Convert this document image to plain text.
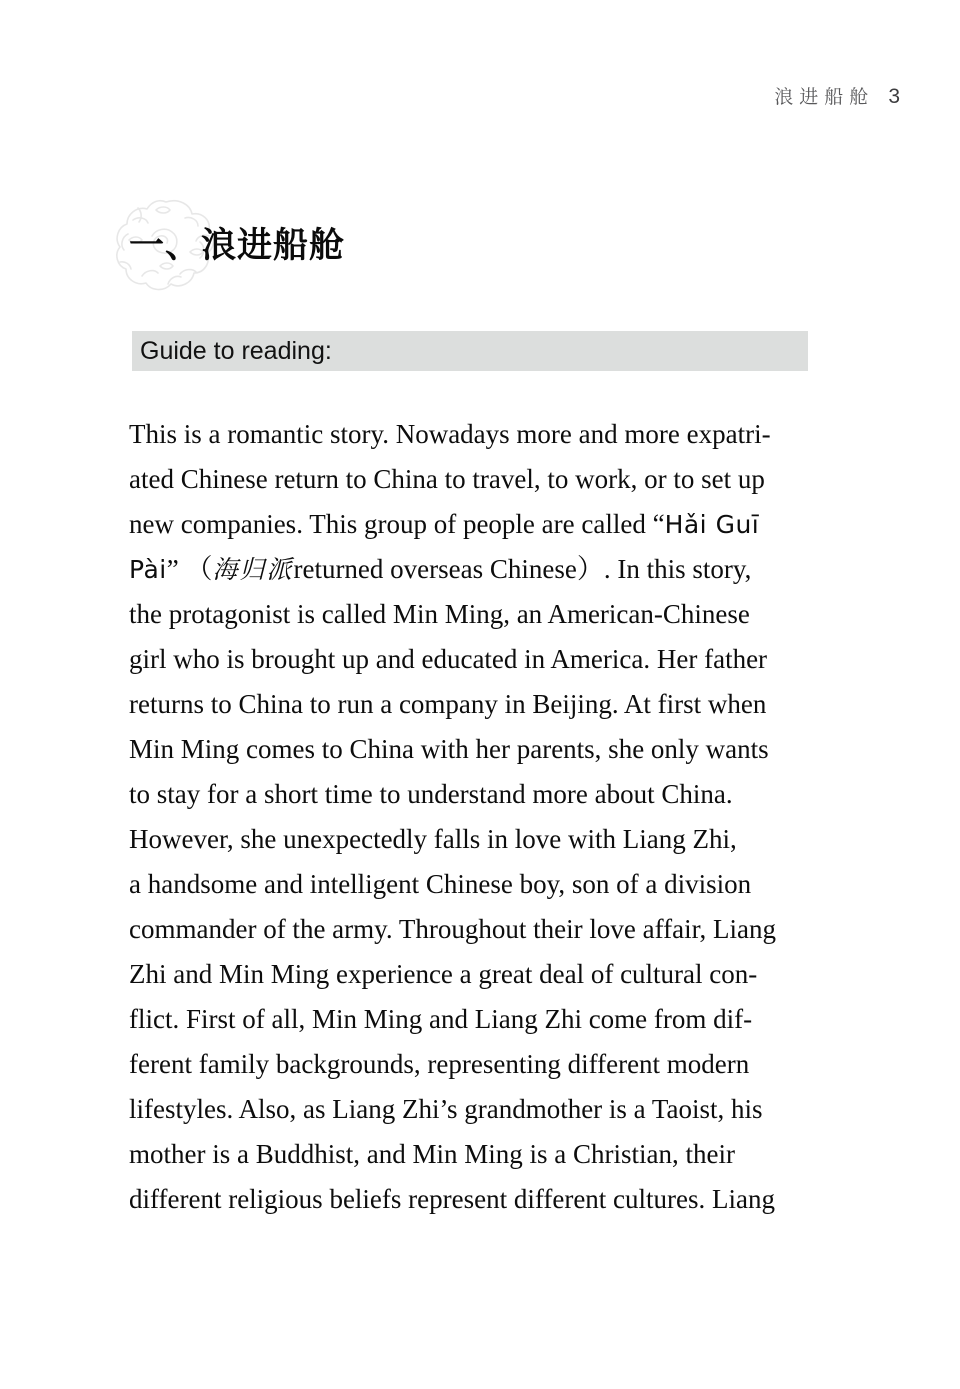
浪进船舱 3
一、浪进船舱
Guide to reading:
This is a romantic story. Nowadays more and more expatri-
ated Chinese return to China to travel, to work, or to set up
new companies. This group of people are called “ Hǎi Guī
Pài ” （ 海归派 returned overseas Chinese）. In this story,
the protagonist is called Min Ming, an American-Chinese
girl who is brought up and educated in America. Her father
returns to China to run a company in Beijing. At first when
Min Ming comes to China with her parents, she only wants
to stay for a short time to understand more about China.
However, she unexpectedly falls in love with Liang Zhi,
a handsome and intelligent Chinese boy, son of a division
commander of the army. Throughout their love affair, Liang
Zhi and Min Ming experience a great deal of cultural con-
flict. First of all, Min Ming and Liang Zhi come from dif-
ferent family backgrounds, representing different modern
lifestyles. Also, as Liang Zhi’s grandmother is a Taoist, his
mother is a Buddhist, and Min Ming is a Christian, their
different religious beliefs represent different cultures. Liang
